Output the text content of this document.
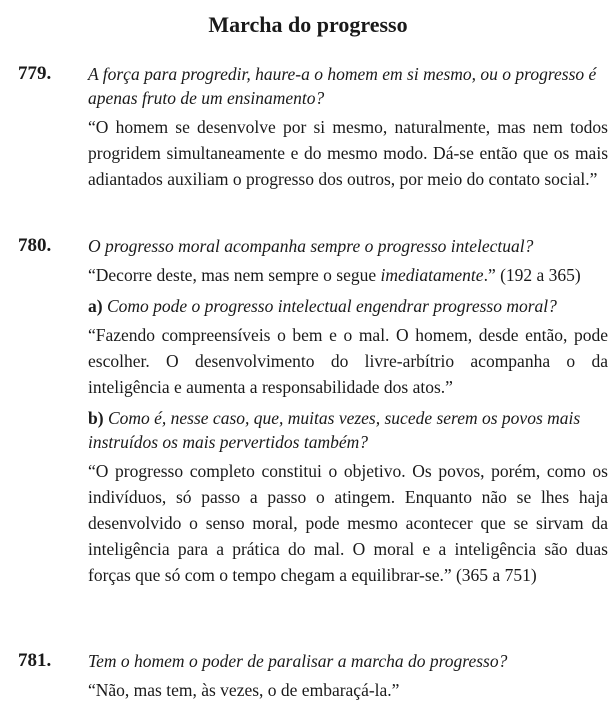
Marcha do progresso
779. A força para progredir, haure-a o homem em si mesmo, ou o progresso é apenas fruto de um ensinamento?
“O homem se desenvolve por si mesmo, naturalmente, mas nem todos progridem simultaneamente e do mesmo modo. Dá-se então que os mais adiantados auxiliam o progresso dos outros, por meio do contato social.”
780. O progresso moral acompanha sempre o progresso intelectual?
“Decorre deste, mas nem sempre o segue imediatamente.” (192 a 365)
a) Como pode o progresso intelectual engendrar progresso moral?
“Fazendo compreensíveis o bem e o mal. O homem, desde então, pode escolher. O desenvolvimento do livre-arbítrio acompanha o da inteligência e aumenta a responsabilidade dos atos.”
b) Como é, nesse caso, que, muitas vezes, sucede serem os povos mais instruídos os mais pervertidos também?
“O progresso completo constitui o objetivo. Os povos, porém, como os indivíduos, só passo a passo o atingem. Enquanto não se lhes haja desenvolvido o senso moral, pode mesmo acontecer que se sirvam da inteligência para a prática do mal. O moral e a inteligência são duas forças que só com o tempo chegam a equilibrar-se.” (365 a 751)
781. Tem o homem o poder de paralisar a marcha do progresso?
“Não, mas tem, às vezes, o de embaraçá-la.”
